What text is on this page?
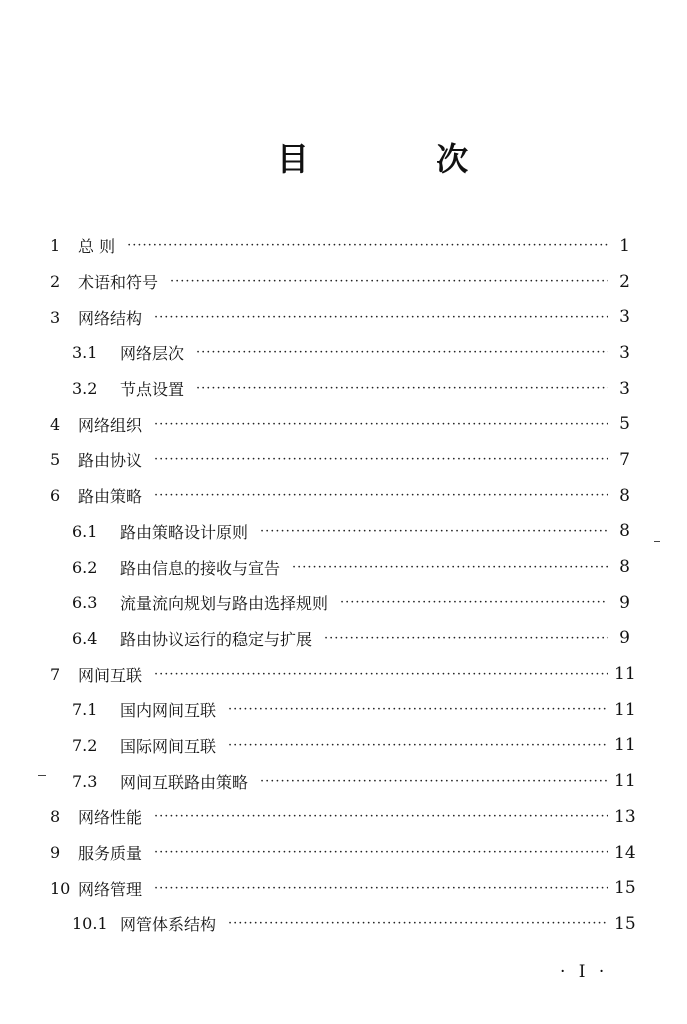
目 次
1	总 则 ·····	1
2	术语和符号 ·····	2
3	网络结构 ·····	3
3.1	网络层次 ·····	3
3.2	节点设置 ·····	3
4	网络组织 ·····	5
5	路由协议 ·····	7
6	路由策略 ·····	8
6.1	路由策略设计原则 ·····	8
6.2	路由信息的接收与宣告 ·····	8
6.3	流量流向规划与路由选择规则 ·····	9
6.4	路由协议运行的稳定与扩展 ·····	9
7	网间互联 ·····	11
7.1	国内网间互联 ·····	11
7.2	国际网间互联 ·····	11
7.3	网间互联路由策略 ·····	11
8	网络性能 ·····	13
9	服务质量 ·····	14
10 网络管理 ·····	15
10.1 网管体系结构 ·····	15
· I ·
